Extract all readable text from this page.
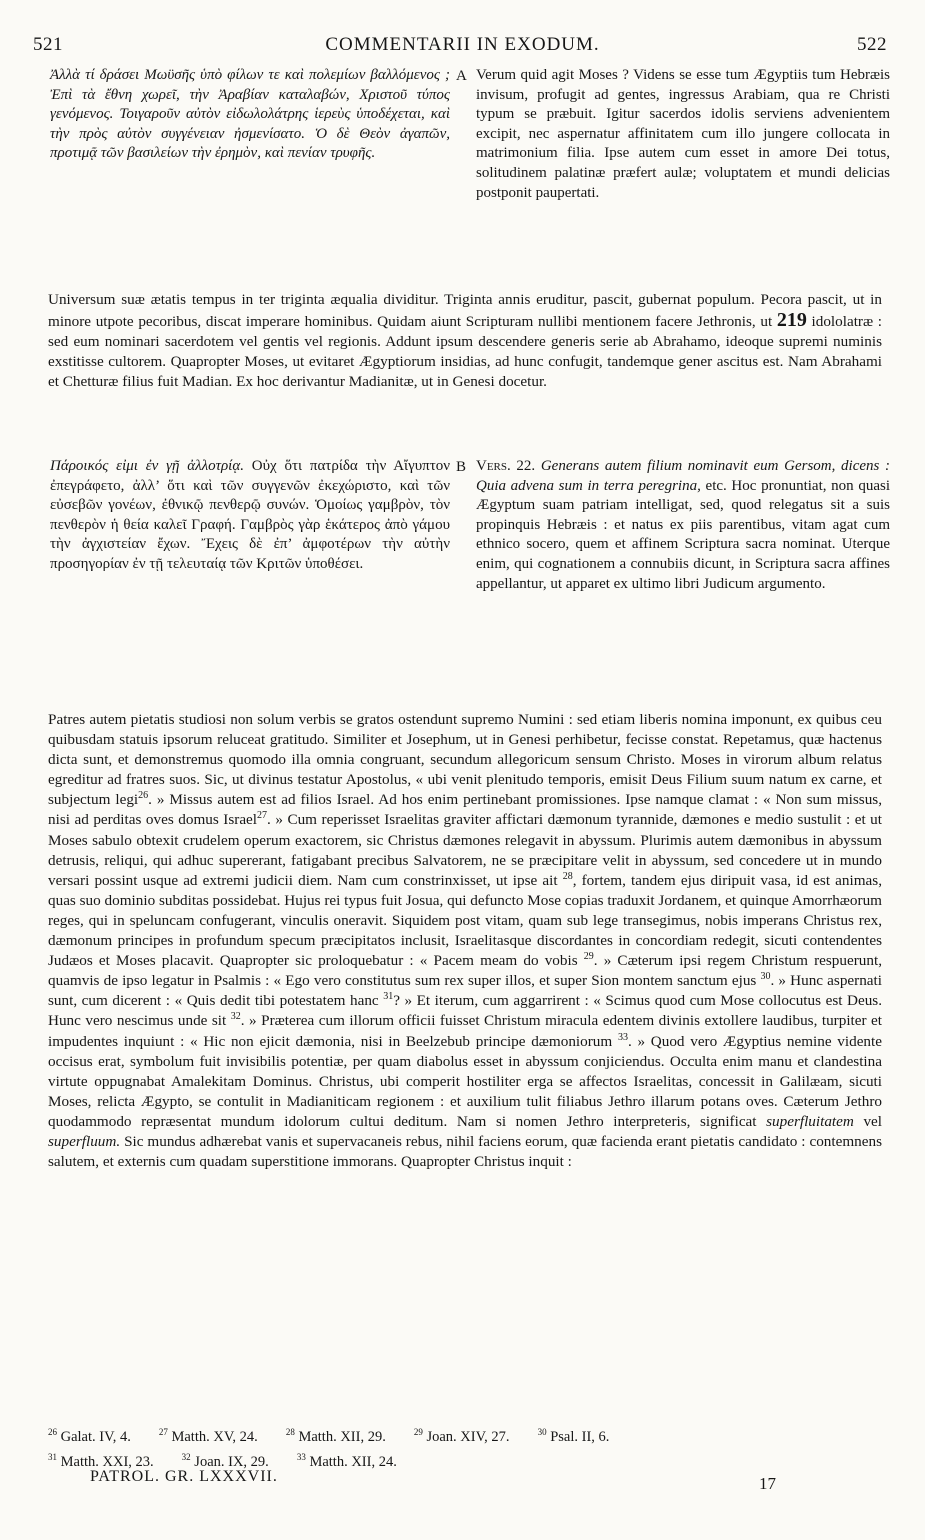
521	COMMENTARII IN EXODUM.	522
Ἀλλὰ τί δράσει Μωϋσῆς ὑπὸ φίλων τε καὶ πολεμίων βαλλόμενος ; Ἐπὶ τὰ ἔθνη χωρεῖ, τὴν Ἀραβίαν καταλαβών, Χριστοῦ τύπος γενόμενος. Τοιγαροῦν αὐτὸν εἰδωλολάτρης ἱερεὺς ὑποδέχεται, καὶ τὴν πρὸς αὐτὸν συγγένειαν ἠσμενίσατο. Ὁ δὲ Θεὸν ἀγαπῶν, προτιμᾷ τῶν βασιλείων τὴν ἐρημὸν, καὶ πενίαν τρυφῆς.
A Verum quid agit Moses ? Videns se esse tum Ægyptiis tum Hebræis invisum, profugit ad gentes, ingressus Arabiam, qua re Christi typum se præbuit. Igitur sacerdos idolis serviens advenientem excipit, nec aspernatur affinitatem cum illo jungere collocata in matrimonium filia. Ipse autem cum esset in amore Dei totus, solitudinem palatinæ præfert aulæ; voluptatem et mundi delicias postponit paupertati.

Universum suæ ætatis tempus in ter triginta æqualia dividitur. Triginta annis eruditur, pascit, gubernat populum. Pecora pascit, ut in minore utpote pecoribus, discat imperare hominibus. Quidam aiunt Scripturam nullibi mentionem facere Jethronis, ut 219 idololatræ : sed eum nominari sacerdotem vel gentis vel regionis. Addunt ipsum descendere generis serie ab Abrahamo, ideoque supremi numinis exstitisse cultorem. Quapropter Moses, ut evitaret Ægyptiorum insidias, ad hunc confugit, tandemque gener ascitus est. Nam Abrahami et Chetturæ filius fuit Madian. Ex hoc derivantur Madianitæ, ut in Genesi docetur.

Πάροικός εἰμι ἐν γῇ ἀλλοτρίᾳ. Οὐχ ὅτι πατρίδα τὴν Αἴγυπτον ἐπεγράφετο, ἀλλ’ ὅτι καὶ τῶν συγγενῶν ἐκεχώριστο, καὶ τῶν εὐσεβῶν γονέων, ἐθνικῷ πενθερῷ συνών. Ὁμοίως γαμβρὸν, τὸν πενθερὸν ἡ θεία καλεῖ Γραφή. Γαμβρὸς γὰρ ἑκάτερος ἀπὸ γάμου τὴν ἀγχιστείαν ἔχων. Ἔχεις δὲ ἐπ’ ἀμφοτέρων τὴν αὐτὴν προσηγορίαν ἐν τῇ τελευταίᾳ τῶν Κριτῶν ὑποθέσει.
B Vers. 22. Generans autem filium nominavit eum Gersom, dicens : Quia advena sum in terra peregrina, etc. Hoc pronuntiat, non quasi Ægyptum suam patriam intelligat, sed, quod relegatus sit a suis propinquis Hebræis : et natus ex piis parentibus, vitam agat cum ethnico socero, quem et affinem Scriptura sacra nominat. Uterque enim, qui cognationem a connubiis dicunt, in Scriptura sacra affines appellantur, ut apparet ex ultimo libri Judicum argumento.

Patres autem pietatis studiosi non solum verbis se gratos ostendunt supremo Numini : sed etiam liberis nomina imponunt, ex quibus ceu quibusdam statuis ipsorum reluceat gratitudo. Similiter et Josephum, ut in Genesi perhibetur, fecisse constat. Repetamus, quæ hactenus dicta sunt, et demonstremus quomodo illa omnia congruant, secundum allegoricum sensum Christo. Moses in virorum album relatus egreditur ad fratres suos. Sic, ut divinus testatur Apostolus, « ubi venit plenitudo temporis, emisit Deus Filium suum natum ex carne, et subjectum legi$^{26}$. » Missus autem est ad filios Israel. Ad hos enim pertinebant promissiones. Ipse namque clamat : « Non sum missus, nisi ad perditas oves domus Israel$^{27}$. » Cum reperisset Israelitas graviter affictari dæmonum tyrannide, dæmones e medio sustulit : et ut Moses sabulo obtexit crudelem operum exactorem, sic Christus dæmones relegavit in abyssum. Plurimis autem dæmonibus in abyssum detrusis, reliqui, qui adhuc supererant, fatigabant precibus Salvatorem, ne se præcipitare velit in abyssum, sed concedere ut in mundo versari possint usque ad extremi judicii diem. Nam cum constrinxisset, ut ipse ait $^{28}$, fortem, tandem ejus diripuit vasa, id est animas, quas suo dominio subditas possidebat. Hujus rei typus fuit Josua, qui defuncto Mose copias traduxit Jordanem, et quinque Amorrhæorum reges, qui in speluncam confugerant, vinculis oneravit. Siquidem post vitam, quam sub lege transegimus, nobis imperans Christus rex, dæmonum principes in profundum specum præcipitatos inclusit, Israelitasque discordantes in concordiam redegit, sicuti contendentes Judæos et Moses placavit. Quapropter sic proloquebatur : « Pacem meam do vobis $^{29}$. » Cæterum ipsi regem Christum respuerunt, quamvis de ipso legatur in Psalmis : « Ego vero constitutus sum rex super illos, et super Sion montem sanctum ejus $^{30}$. » Hunc aspernati sunt, cum dicerent : « Quis dedit tibi potestatem hanc $^{31}$? » Et iterum, cum aggarrirent : « Scimus quod cum Mose collocutus est Deus. Hunc vero nescimus unde sit $^{32}$. » Præterea cum illorum officii fuisset Christum miracula edentem divinis extollere laudibus, turpiter et impudentes inquiunt : « Hic non ejicit dæmonia, nisi in Beelzebub principe dæmoniorum $^{33}$. » Quod vero Ægyptius nemine vidente occisus erat, symbolum fuit invisibilis potentiæ, per quam diabolus esset in abyssum conjiciendus. Occulta enim manu et clandestina virtute oppugnabat Amalekitam Dominus. Christus, ubi comperit hostiliter erga se affectos Israelitas, concessit in Galilæam, sicuti Moses, relicta Ægypto, se contulit in Madianiticam regionem : et auxilium tulit filiabus Jethro illarum potans oves. Cæterum Jethro quodammodo repræsentat mundum idolorum cultui deditum. Nam si nomen Jethro interpreteris, significat superfluitatem vel superfluum. Sic mundus adhærebat vanis et supervacaneis rebus, nihil faciens eorum, quæ facienda erant pietatis candidato : contemnens salutem, et externis cum quadam superstitione immorans. Quapropter Christus inquit :

$^{26}$ Galat. IV, 4.	$^{27}$ Matth. XV, 24.	$^{28}$ Matth. XII, 29.	$^{29}$ Joan. XIV, 27.	$^{30}$ Psal. II, 6.
$^{31}$ Matth. XXI, 23.	$^{32}$ Joan. IX, 29.	$^{33}$ Matth. XII, 24.
PATROL. GR. LXXXVII.	17
